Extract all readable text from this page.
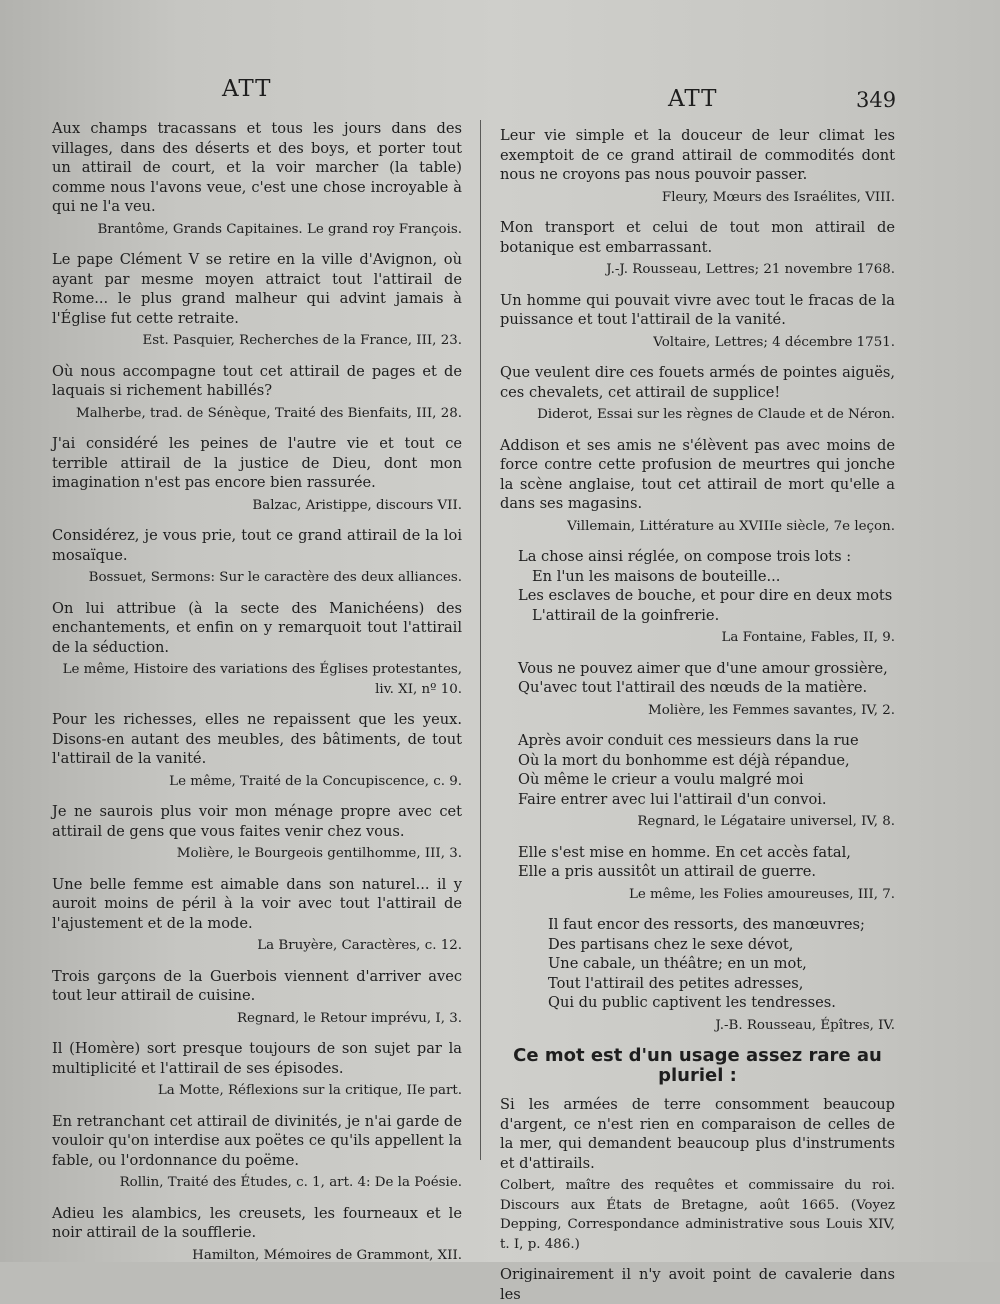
ATT	ATT	349

Aux champs tracassans et tous les jours dans des villages, dans des déserts et des boys, et porter tout un attirail de court, et la voir marcher (la table) comme nous l'avons veue, c'est une chose incroyable à qui ne l'a veu.

Brantôme, Grands Capitaines. Le grand roy François.

Le pape Clément V se retire en la ville d'Avignon, où ayant par mesme moyen attraict tout l'attirail de Rome... le plus grand malheur qui advint jamais à l'Église fut cette retraite.

Est. Pasquier, Recherches de la France, III, 23.

Où nous accompagne tout cet attirail de pages et de laquais si richement habillés?

Malherbe, trad. de Sénèque, Traité des Bienfaits, III, 28.

J'ai considéré les peines de l'autre vie et tout ce terrible attirail de la justice de Dieu, dont mon imagination n'est pas encore bien rassurée.

Balzac, Aristippe, discours VII.

Considérez, je vous prie, tout ce grand attirail de la loi mosaïque.

Bossuet, Sermons: Sur le caractère des deux alliances.

On lui attribue (à la secte des Manichéens) des enchantements, et enfin on y remarquoit tout l'attirail de la séduction.

Le même, Histoire des variations des Églises protestantes, liv. XI, nº 10.

Pour les richesses, elles ne repaissent que les yeux. Disons-en autant des meubles, des bâtiments, de tout l'attirail de la vanité.

Le même, Traité de la Concupiscence, c. 9.

Je ne saurois plus voir mon ménage propre avec cet attirail de gens que vous faites venir chez vous.

Molière, le Bourgeois gentilhomme, III, 3.

Une belle femme est aimable dans son naturel... il y auroit moins de péril à la voir avec tout l'attirail de l'ajustement et de la mode.

La Bruyère, Caractères, c. 12.

Trois garçons de la Guerbois viennent d'arriver avec tout leur attirail de cuisine.

Regnard, le Retour imprévu, I, 3.

Il (Homère) sort presque toujours de son sujet par la multiplicité et l'attirail de ses épisodes.

La Motte, Réflexions sur la critique, IIe part.

En retranchant cet attirail de divinités, je n'ai garde de vouloir qu'on interdise aux poëtes ce qu'ils appellent la fable, ou l'ordonnance du poëme.

Rollin, Traité des Études, c. 1, art. 4: De la Poésie.

Adieu les alambics, les creusets, les fourneaux et le noir attirail de la soufflerie.

Hamilton, Mémoires de Grammont, XII.

Leur vie simple et la douceur de leur climat les exemptoit de ce grand attirail de commodités dont nous ne croyons pas nous pouvoir passer.

Fleury, Mœurs des Israélites, VIII.

Mon transport et celui de tout mon attirail de botanique est embarrassant.

J.-J. Rousseau, Lettres; 21 novembre 1768.

Un homme qui pouvait vivre avec tout le fracas de la puissance et tout l'attirail de la vanité.

Voltaire, Lettres; 4 décembre 1751.

Que veulent dire ces fouets armés de pointes aiguës, ces chevalets, cet attirail de supplice!

Diderot, Essai sur les règnes de Claude et de Néron.

Addison et ses amis ne s'élèvent pas avec moins de force contre cette profusion de meurtres qui jonche la scène anglaise, tout cet attirail de mort qu'elle a dans ses magasins.

Villemain, Littérature au XVIIIe siècle, 7e leçon.

La chose ainsi réglée, on compose trois lots :

En l'un les maisons de bouteille...

Les esclaves de bouche, et pour dire en deux mots

L'attirail de la goinfrerie.

La Fontaine, Fables, II, 9.

Vous ne pouvez aimer que d'une amour grossière,

Qu'avec tout l'attirail des nœuds de la matière.

Molière, les Femmes savantes, IV, 2.

Après avoir conduit ces messieurs dans la rue

Où la mort du bonhomme est déjà répandue,

Où même le crieur a voulu malgré moi

Faire entrer avec lui l'attirail d'un convoi.

Regnard, le Légataire universel, IV, 8.

Elle s'est mise en homme. En cet accès fatal,

Elle a pris aussitôt un attirail de guerre.

Le même, les Folies amoureuses, III, 7.

Il faut encor des ressorts, des manœuvres;

Des partisans chez le sexe dévot,

Une cabale, un théâtre; en un mot,

Tout l'attirail des petites adresses,

Qui du public captivent les tendresses.

J.-B. Rousseau, Épîtres, IV.
Ce mot est d'un usage assez rare au pluriel :

Si les armées de terre consomment beaucoup d'argent, ce n'est rien en comparaison de celles de la mer, qui demandent beaucoup plus d'instruments et d'attirails.

Colbert, maître des requêtes et commissaire du roi. Discours aux États de Bretagne, août 1665. (Voyez Depping, Correspondance administrative sous Louis XIV, t. I, p. 486.)

Originairement il n'y avoit point de cavalerie dans les
